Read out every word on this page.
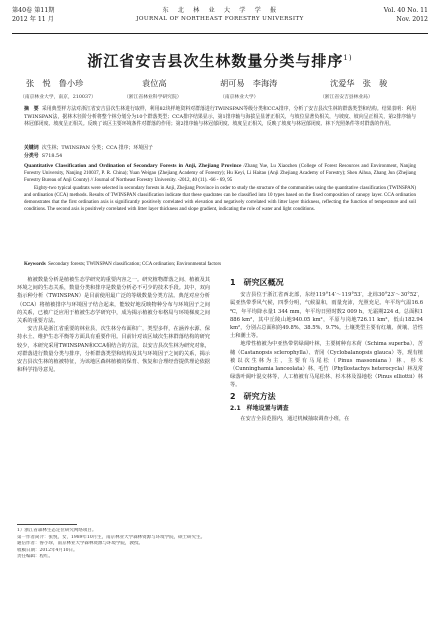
第40卷 第11期
2012 年 11 月
东　北　林　业　大　学　学　报
JOURNAL OF NORTHEAST FORESTRY UNIVERSITY
Vol. 40 No. 11
Nov. 2012
浙江省安吉县次生林数量分类与排序$^{1)}$
张　悦　鲁小珍	袁位高	胡可易　李海涛	沈爱华　张　骏
（南京林业大学，南京，210037）	（浙江省林业科学研究院）	（南京林业大学）	（浙江省安吉县林业局）
摘　要 采用典型样方法对浙江省安吉县次生林进行取样，利用82块样地资料对群落进行TWINSPAN等级分类和CCA排序，分析了安吉县次生林的群落类型和结构。结果表明：利用TWINSPAN法，据林木径阶分析将整个林分划分为10个群落类型；CCA排序结果显示，第1排序轴与海拔呈显著正相关，与坡位显著负相关，与坡度、坡向呈正相关，第2排序轴与林冠郁闭度、坡度呈正相关。反映了该区主要环境条件对群落的作用；第2排序轴与林冠郁闭度、坡度呈正相关，反映了坡度与林冠郁闭度、林下光照条件等对群落的作用。
关键词 次生林；TWINSPAN 分类；CCA 排序；环境因子
分类号 S718.54
Quantitative Classification and Ordination of Secondary Forests in Anji, Zhejiang Province /Zhang Yue, Lu Xiaozhen (College of Forest Resources and Environment, Nanjing Forestry University, Nanjing 210037, P. R. China); Yuan Weigao (Zhejiang Academy of Forestry); Hu Keyi, Li Haitao (Anji Zhejiang Academy of Forestry); Shen Aihua, Zhang Jun (Zhejiang Forestry Bureau of Anji County) // Journal of Northeast Forestry University. -2012, 40 (11). -66 - 69, 95
Eighty-two typical quadrats were selected in secondary forests in Anji, Zhejiang Province in order to study the structure of the communities using the quantitative classification (TWINSPAN) and ordination (CCA) methods. Results of TWINSPAN classification indicate that these quadrates can be classified into 10 types based on the fixed composition of canopy layer. CCA ordination demonstrates that the first ordination axis is significantly positively correlated with elevation and negatively correlated with litter layer thickness, reflecting the function of temperature and soil conditions. The second axis is positively correlated with litter layer thickness and slope gradient, indicating the role of water and light conditions.
Keywords Secondary forests; TWINSPAN classification; CCA ordination; Environmental factors

植被数量分析是植被生态学研究的重要内容之一。研究植物群落之间、植被及其环境之间的生态关系，数量分类和排序是数量分析必不可少的技术手段。其中，双向指示种分析（TWINSPAN）是目前使用最广泛的等级数量分类方法。典范对应分析（CCA）将植被排序与环境因子结合起来，能较好地反映物种分布与环境因子之间的关系，已被广泛应用于植被生态学研究中，成为揭示植被分布格局与环境梯度之间关系的重要方法。

安吉县是浙江省重要的林业县，次生林分布面积广，类型多样，在涵养水源、保持水土、维护生态平衡等方面具有重要作用。目前针对该区域次生林群落结构的研究较少，本研究采用TWINSPAN和CCA相结合的方法，以安吉县次生林为研究对象，对群落进行数量分类与排序，分析群落类型和结构及其与环境因子之间的关系，揭示安吉县次生林的植被特征，为该地区森林植被的保育、恢复和合理经营提供理论依据和科学指导意见。

1　研究区概况

安吉县位于浙江省西北部，东经119°14′～119°53′，北纬30°23′～30°52′，属亚热带季风气候，四季分明，气候温和，雨量充沛，光照充足。年平均气温16.6 ℃，年平均降水量1 344 mm，年平均日照时数2 009 h，无霜期224 d。总面积1 886 km²，其中丘陵山地940.05 km²，平原与岗地726.11 km²，低山182.94 km²，分别占总面积的49.8%、38.5%、9.7%。土壤类型主要有红壤、黄壤、岩性土和潮土等。

地带性植被为中亚热带常绿阔叶林，主要树种有木荷（Schima superba）、苦槠（Castanopsis sclerophylla）、青冈（Cyclobalanopsis glauca）等，现有植被以次生林为主，主要有马尾松（Pinus massoniana）林、杉木（Cunninghamia lanceolata）林、毛竹（Phyllostachys heterocycla）林及常绿落叶阔叶混交林等，人工植被有马尾松林、杉木林及湿地松（Pinus elliottii）林等。

2　研究方法
2.1　样地设置与调查

在安吉全县范围内，通过机械抽取调查小班，在

1）浙江省森林生态定位研究网络项目。
第一作者简介：张悦，女，1989年10月生，南京林业大学森林资源与环境学院，硕士研究生。
通信作者：鲁小珍，南京林业大学森林资源与环境学院，教授。
收稿日期：2012年4月10日。
责任编辑：程红。
